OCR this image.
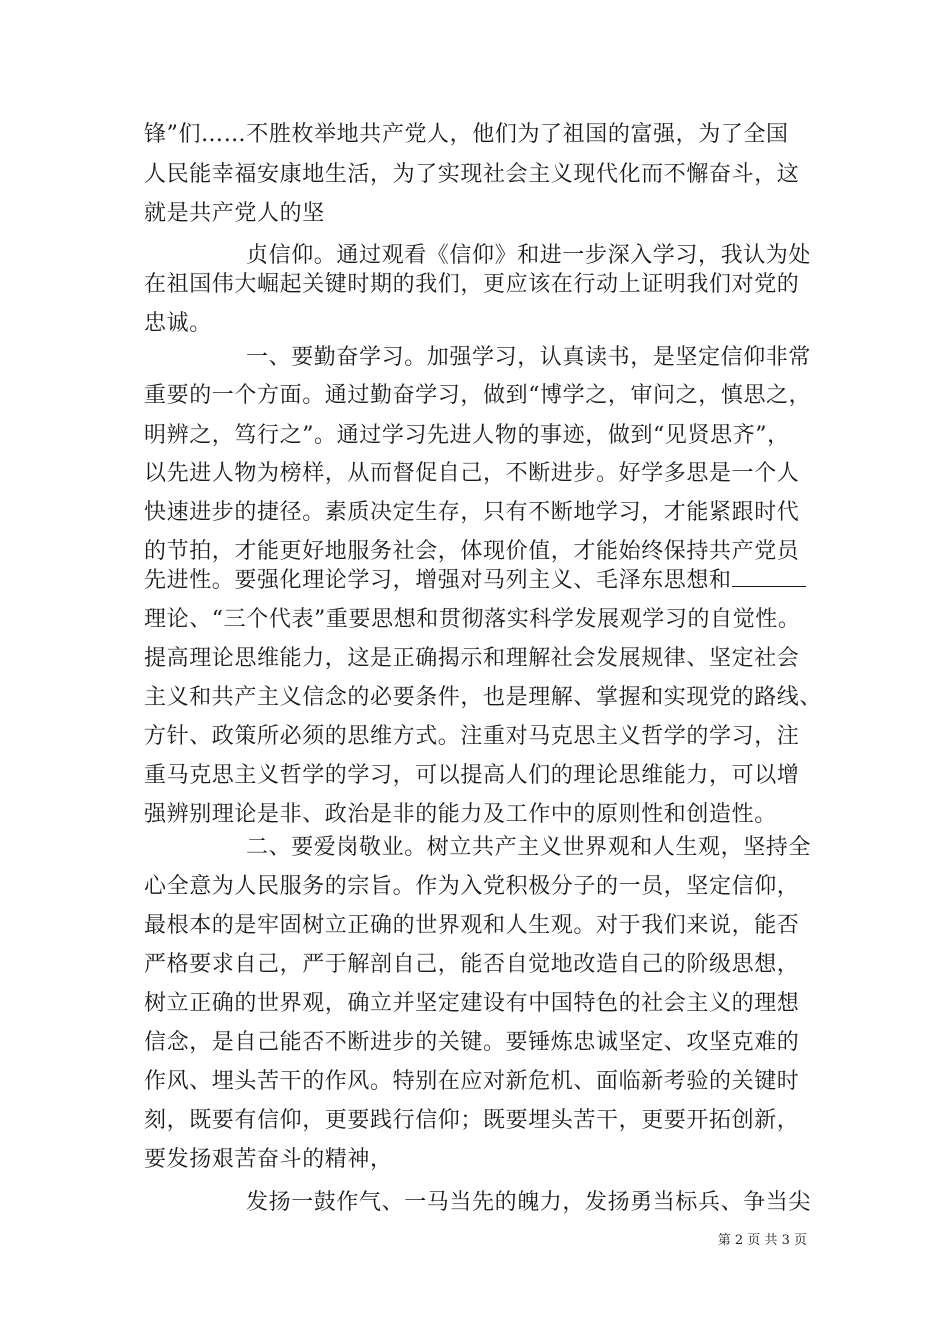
锋”们……不胜枚举地共产党人，他们为了祖国的富强，为了全国
人民能幸福安康地生活，为了实现社会主义现代化而不懈奋斗，这
就是共产党人的坚
贞信仰。通过观看《信仰》和进一步深入学习，我认为处
在祖国伟大崛起关键时期的我们，更应该在行动上证明我们对党的
忠诚。
一、要勤奋学习。加强学习，认真读书，是坚定信仰非常
重要的一个方面。通过勤奋学习，做到“博学之，审问之，慎思之，
明辨之，笃行之”。通过学习先进人物的事迹，做到“见贤思齐”，
以先进人物为榜样，从而督促自己，不断进步。好学多思是一个人
快速进步的捷径。素质决定生存，只有不断地学习，才能紧跟时代
的节拍，才能更好地服务社会，体现价值，才能始终保持共产党员
先进性。要强化理论学习，增强对马列主义、毛泽东思想和
理论、“三个代表”重要思想和贯彻落实科学发展观学习的自觉性。
提高理论思维能力，这是正确揭示和理解社会发展规律、坚定社会
主义和共产主义信念的必要条件，也是理解、掌握和实现党的路线、
方针、政策所必须的思维方式。注重对马克思主义哲学的学习，注
重马克思主义哲学的学习，可以提高人们的理论思维能力，可以增
强辨别理论是非、政治是非的能力及工作中的原则性和创造性。
二、要爱岗敬业。树立共产主义世界观和人生观，坚持全
心全意为人民服务的宗旨。作为入党积极分子的一员，坚定信仰，
最根本的是牢固树立正确的世界观和人生观。对于我们来说，能否
严格要求自己，严于解剖自己，能否自觉地改造自己的阶级思想，
树立正确的世界观，确立并坚定建设有中国特色的社会主义的理想
信念，是自己能否不断进步的关键。要锤炼忠诚坚定、攻坚克难的
作风、埋头苦干的作风。特别在应对新危机、面临新考验的关键时
刻，既要有信仰，更要践行信仰；既要埋头苦干，更要开拓创新，
要发扬艰苦奋斗的精神，
发扬一鼓作气、一马当先的魄力，发扬勇当标兵、争当尖
第 2 页 共 3 页
